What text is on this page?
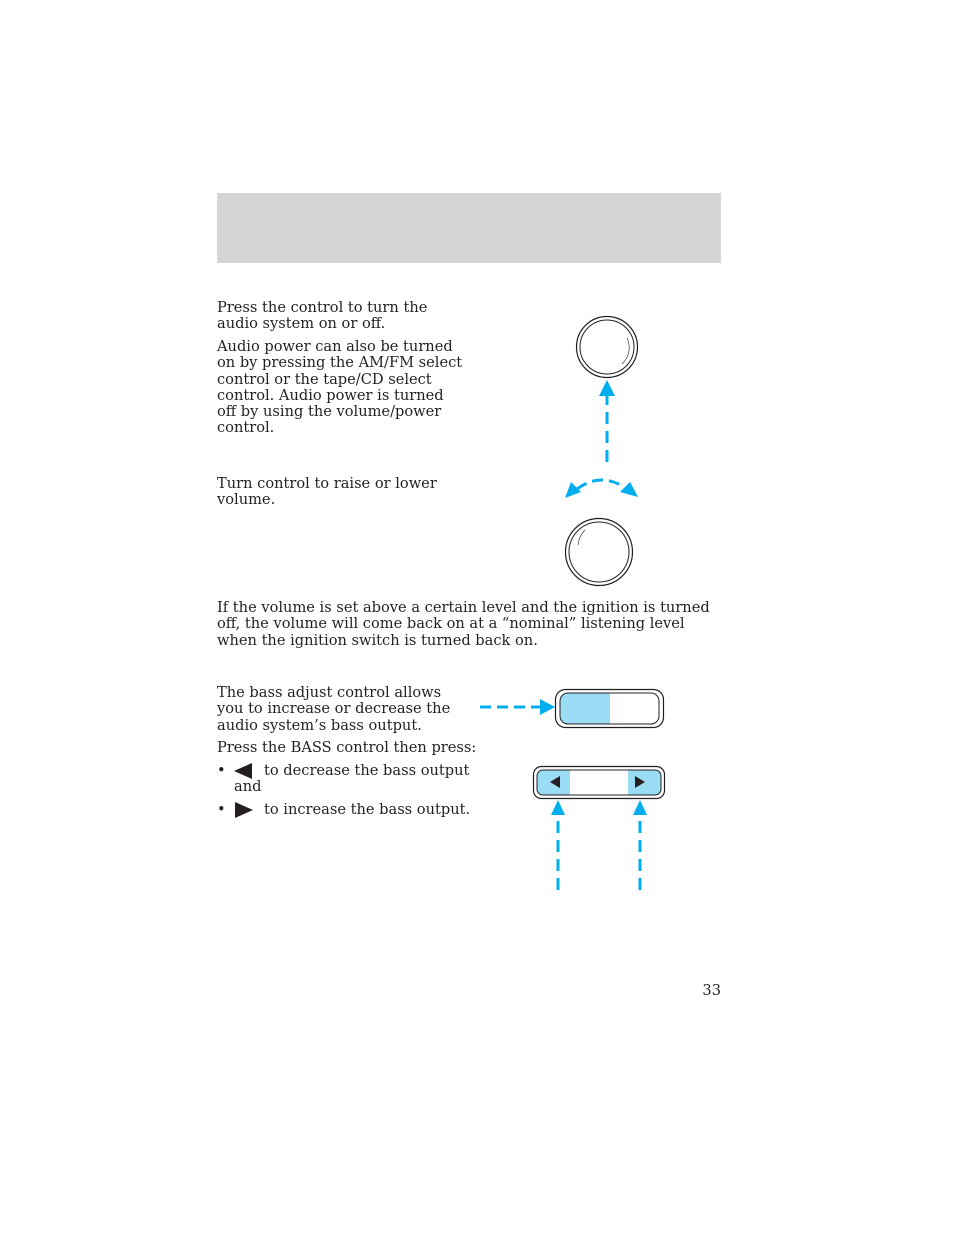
Press the control to turn the audio system on or off.

Audio power can also be turned on by pressing the AM/FM select control or the tape/CD select control. Audio power is turned off by using the volume/power control.

Turn control to raise or lower volume.

If the volume is set above a certain level and the ignition is turned off, the volume will come back on at a “nominal” listening level when the ignition switch is turned back on.

The bass adjust control allows you to increase or decrease the audio system’s bass output.

Press the BASS control then press:

•	to decrease the bass output
and
•	to increase the bass output.
33
